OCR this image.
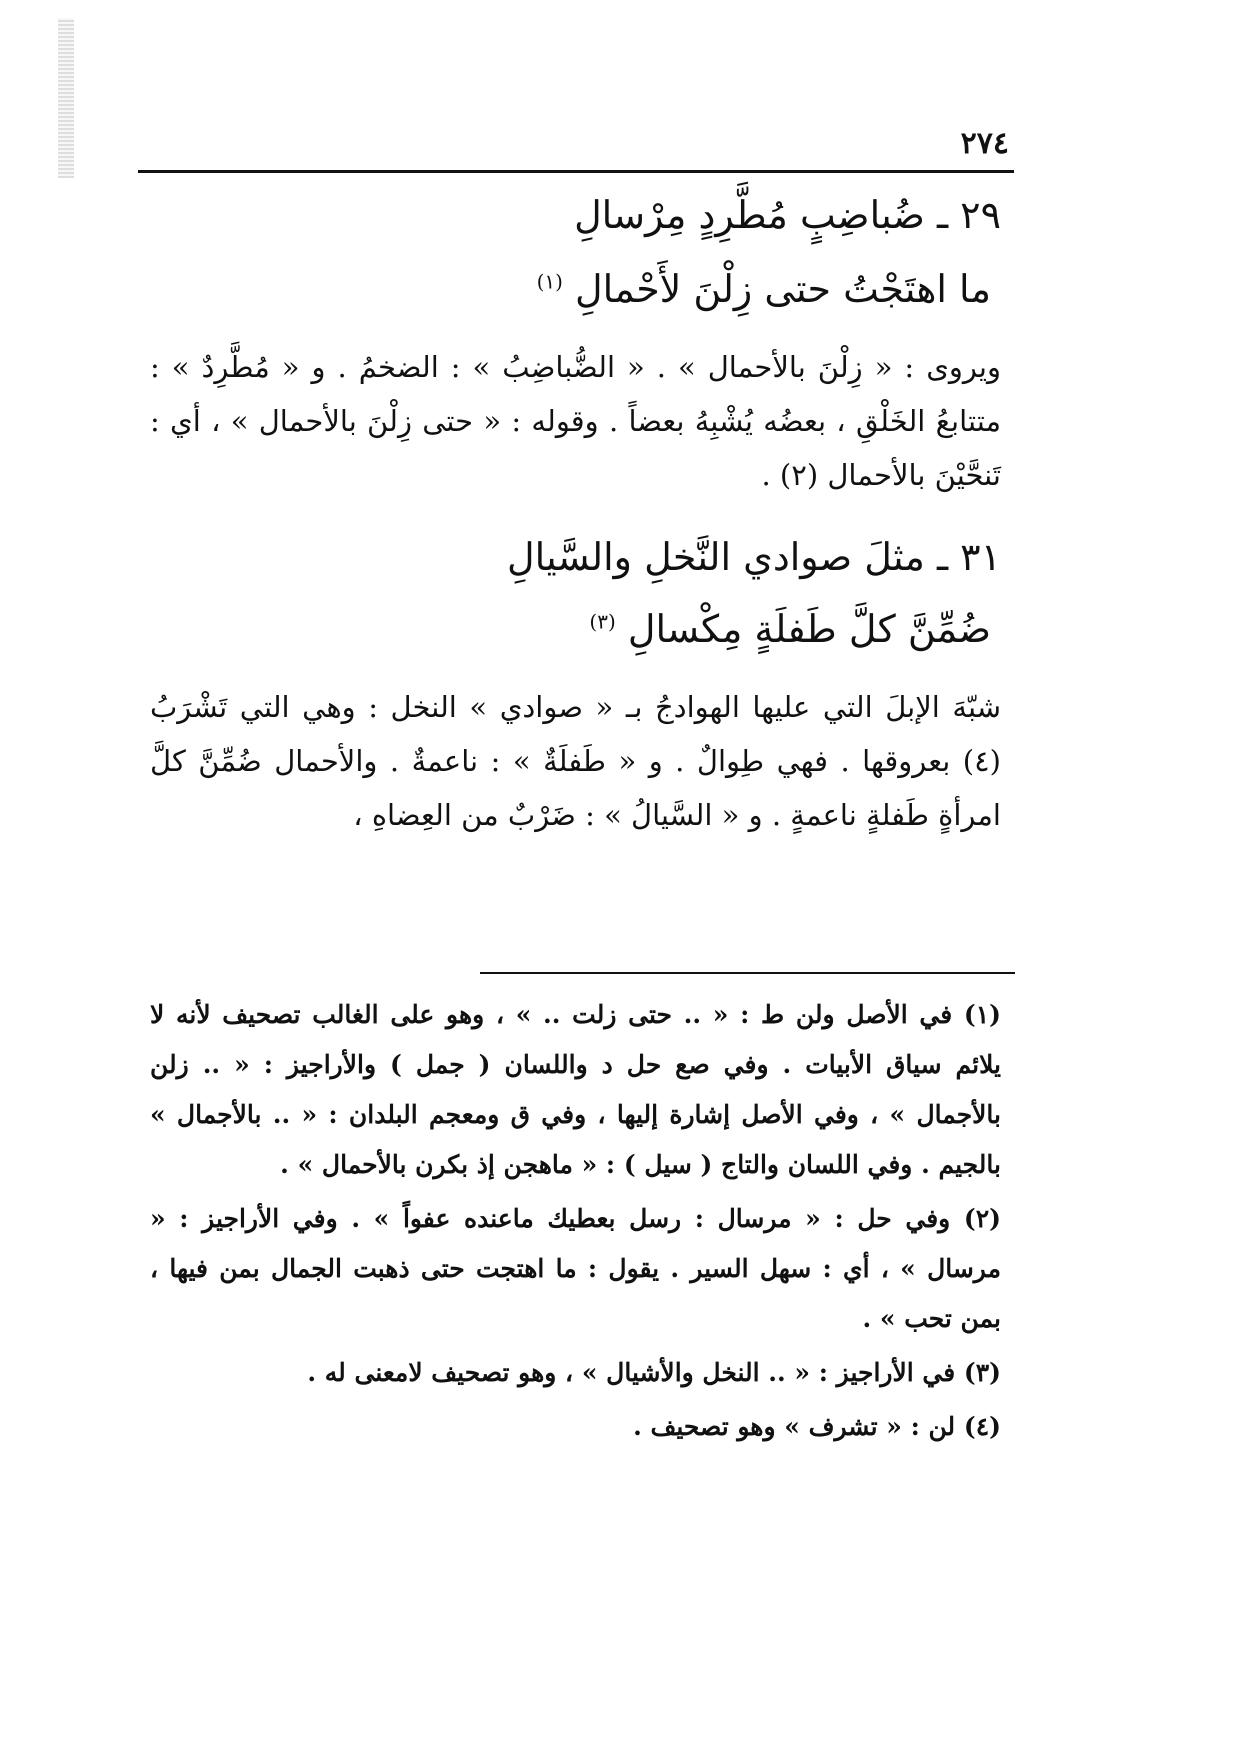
٢٧٤
٢٩ ـ ضُباضِبٍ مُطَّرِدٍ مِرْسالِ
ما اهتَجْتُ حتى زِلْنَ لأَحْمالِ $^{(١)}$
ويروى : « زِلْنَ بالأحمال » . « الضُّباضِبُ » : الضخمُ . و « مُطَّرِدٌ » : متتابعُ الخَلْقِ ، بعضُه يُشْبِهُ بعضاً . وقوله : « حتى زِلْنَ بالأحمال » ، أي : تَنحَّيْنَ بالأحمال (٢) .
٣١ ـ مثلَ صوادي النَّخلِ والسَّيالِ
ضُمِّنَّ كلَّ طَفلَةٍ مِكْسالِ $^{(٣)}$
شبّهَ الإبلَ التي عليها الهوادجُ بـ « صوادي » النخل : وهي التي تَشْرَبُ (٤) بعروقها . فهي طِوالٌ . و « طَفلَةٌ » : ناعمةٌ . والأحمال ضُمِّنَّ كلَّ امرأةٍ طَفلةٍ ناعمةٍ . و « السَّيالُ » : ضَرْبٌ من العِضاهِ ،

(١) في الأصل ولن ط : « .. حتى زلت .. » ، وهو على الغالب تصحيف لأنه لا يلائم سياق الأبيات . وفي صع حل د واللسان ( جمل ) والأراجيز : « .. زلن بالأجمال » ، وفي الأصل إشارة إليها ، وفي ق ومعجم البلدان : « .. بالأجمال » بالجيم . وفي اللسان والتاج ( سيل ) : « ماهجن إذ بكرن بالأحمال » .

(٢) وفي حل : « مرسال : رسل بعطيك ماعنده عفواً » . وفي الأراجيز : « مرسال » ، أي : سهل السير . يقول : ما اهتجت حتى ذهبت الجمال بمن فيها ، بمن تحب » .

(٣) في الأراجيز : « .. النخل والأشيال » ، وهو تصحيف لامعنى له .

(٤) لن : « تشرف » وهو تصحيف .
